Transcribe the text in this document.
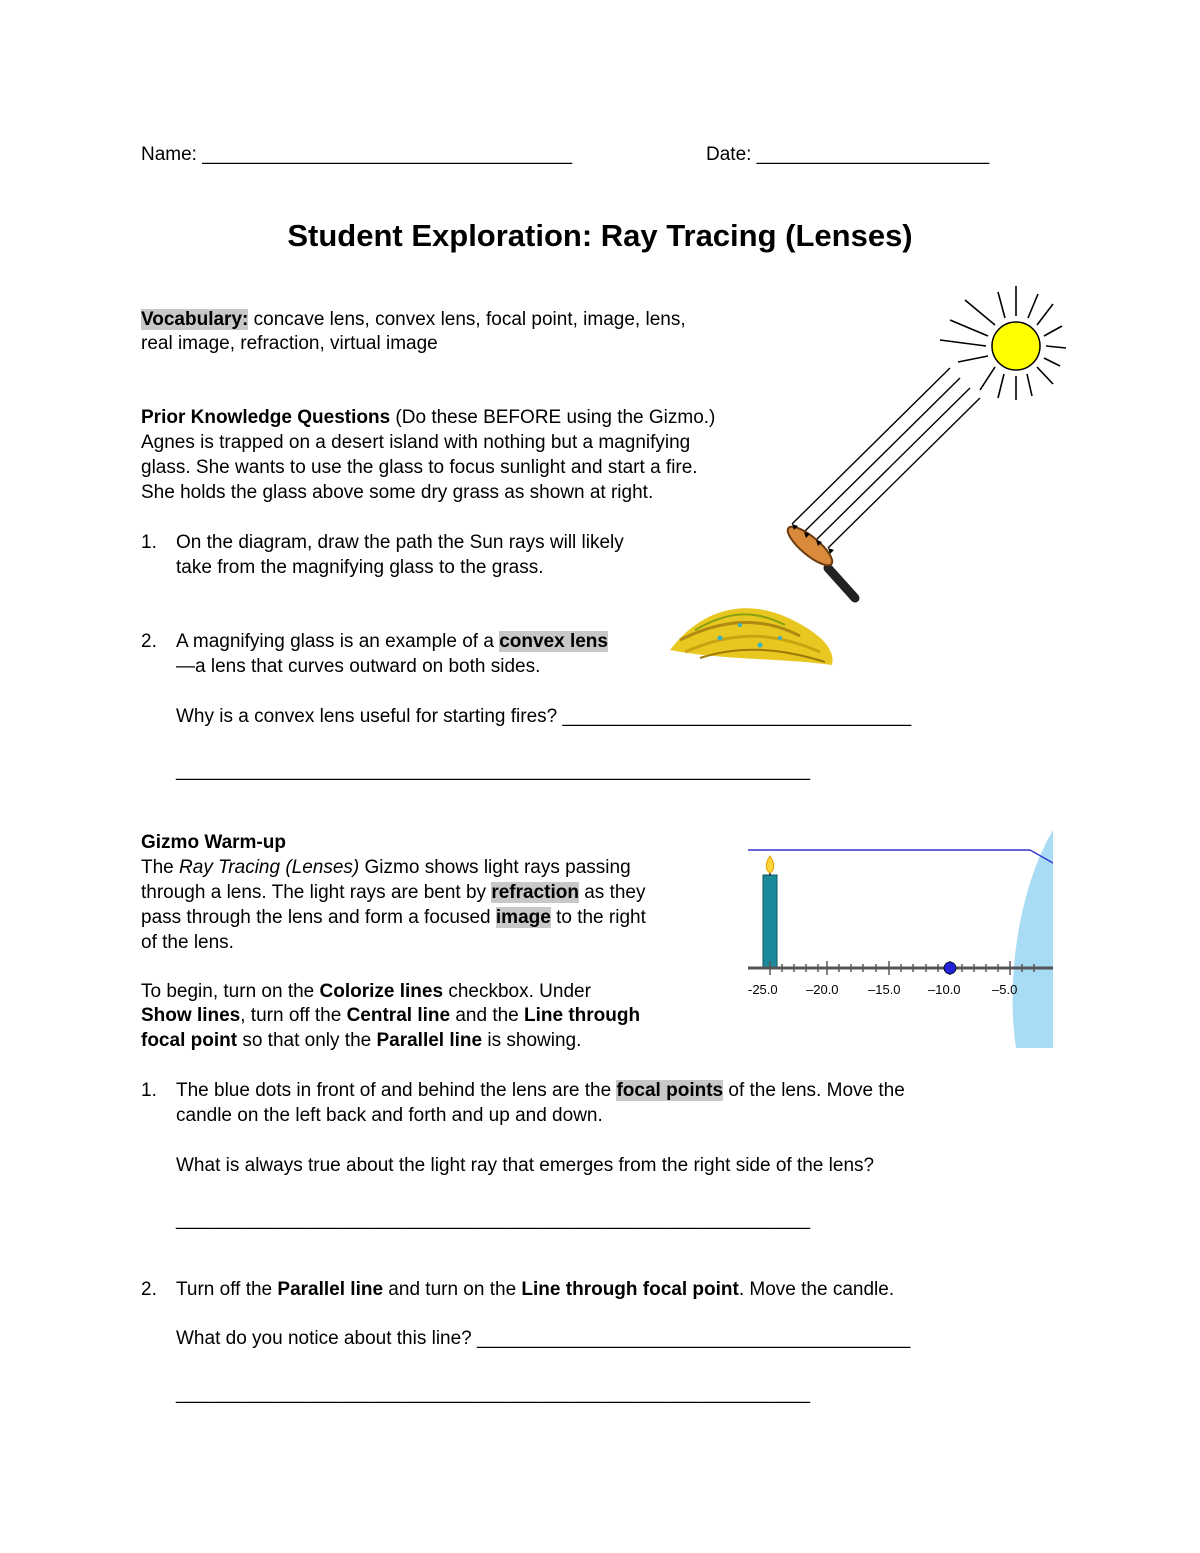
Name: ___________________________________	Date: ______________________
Student Exploration: Ray Tracing (Lenses)
Vocabulary: concave lens, convex lens, focal point, image, lens,
real image, refraction, virtual image
Prior Knowledge Questions (Do these BEFORE using the Gizmo.)
Agnes is trapped on a desert island with nothing but a magnifying
glass. She wants to use the glass to focus sunlight and start a fire.
She holds the glass above some dry grass as shown at right.
1. On the diagram, draw the path the Sun rays will likely
take from the magnifying glass to the grass.
2. A magnifying glass is an example of a convex lens
—a lens that curves outward on both sides.
Why is a convex lens useful for starting fires? _________________________________
____________________________________________________________
Gizmo Warm-up
The Ray Tracing (Lenses) Gizmo shows light rays passing
through a lens. The light rays are bent by refraction as they
pass through the lens and form a focused image to the right
of the lens.
To begin, turn on the Colorize lines checkbox. Under
Show lines, turn off the Central line and the Line through
focal point so that only the Parallel line is showing.
-25.0 –20.0 –15.0 –10.0 –5.0
1. The blue dots in front of and behind the lens are the focal points of the lens. Move the
candle on the left back and forth and up and down.
What is always true about the light ray that emerges from the right side of the lens?
____________________________________________________________
2. Turn off the Parallel line and turn on the Line through focal point. Move the candle.
What do you notice about this line? _________________________________________
____________________________________________________________
